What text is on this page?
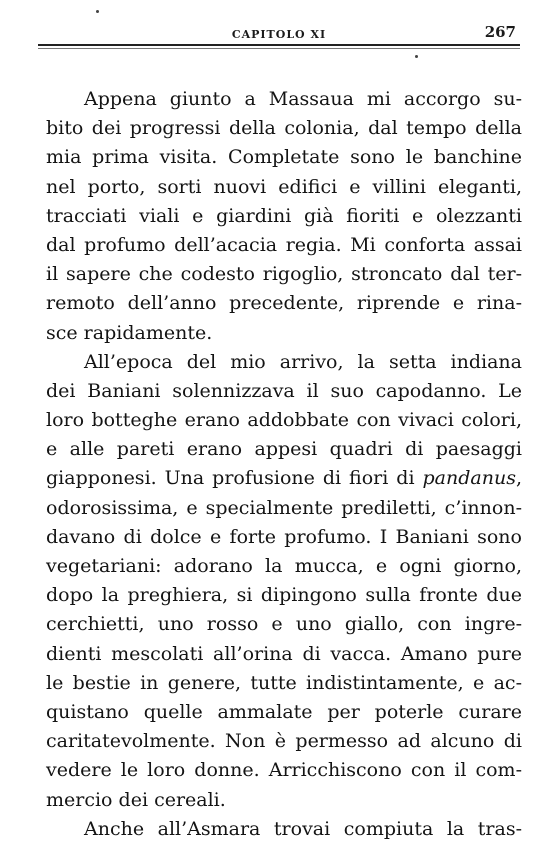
CAPITOLO XI	267
Appena giunto a Massaua mi accorgo su-
bito dei progressi della colonia, dal tempo della
mia prima visita. Completate sono le banchine
nel porto, sorti nuovi edifici e villini eleganti,
tracciati viali e giardini già fioriti e olezzanti
dal profumo dell’acacia regia. Mi conforta assai
il sapere che codesto rigoglio, stroncato dal ter-
remoto dell’anno precedente, riprende e rina-
sce rapidamente.
All’epoca del mio arrivo, la setta indiana
dei Baniani solennizzava il suo capodanno. Le
loro botteghe erano addobbate con vivaci colori,
e alle pareti erano appesi quadri di paesaggi
giapponesi. Una profusione di fiori di pandanus,
odorosissima, e specialmente prediletti, c’innon-
davano di dolce e forte profumo. I Baniani sono
vegetariani: adorano la mucca, e ogni giorno,
dopo la preghiera, si dipingono sulla fronte due
cerchietti, uno rosso e uno giallo, con ingre-
dienti mescolati all’orina di vacca. Amano pure
le bestie in genere, tutte indistintamente, e ac-
quistano quelle ammalate per poterle curare
caritatevolmente. Non è permesso ad alcuno di
vedere le loro donne. Arricchiscono con il com-
mercio dei cereali.
Anche all’Asmara trovai compiuta la tras-
